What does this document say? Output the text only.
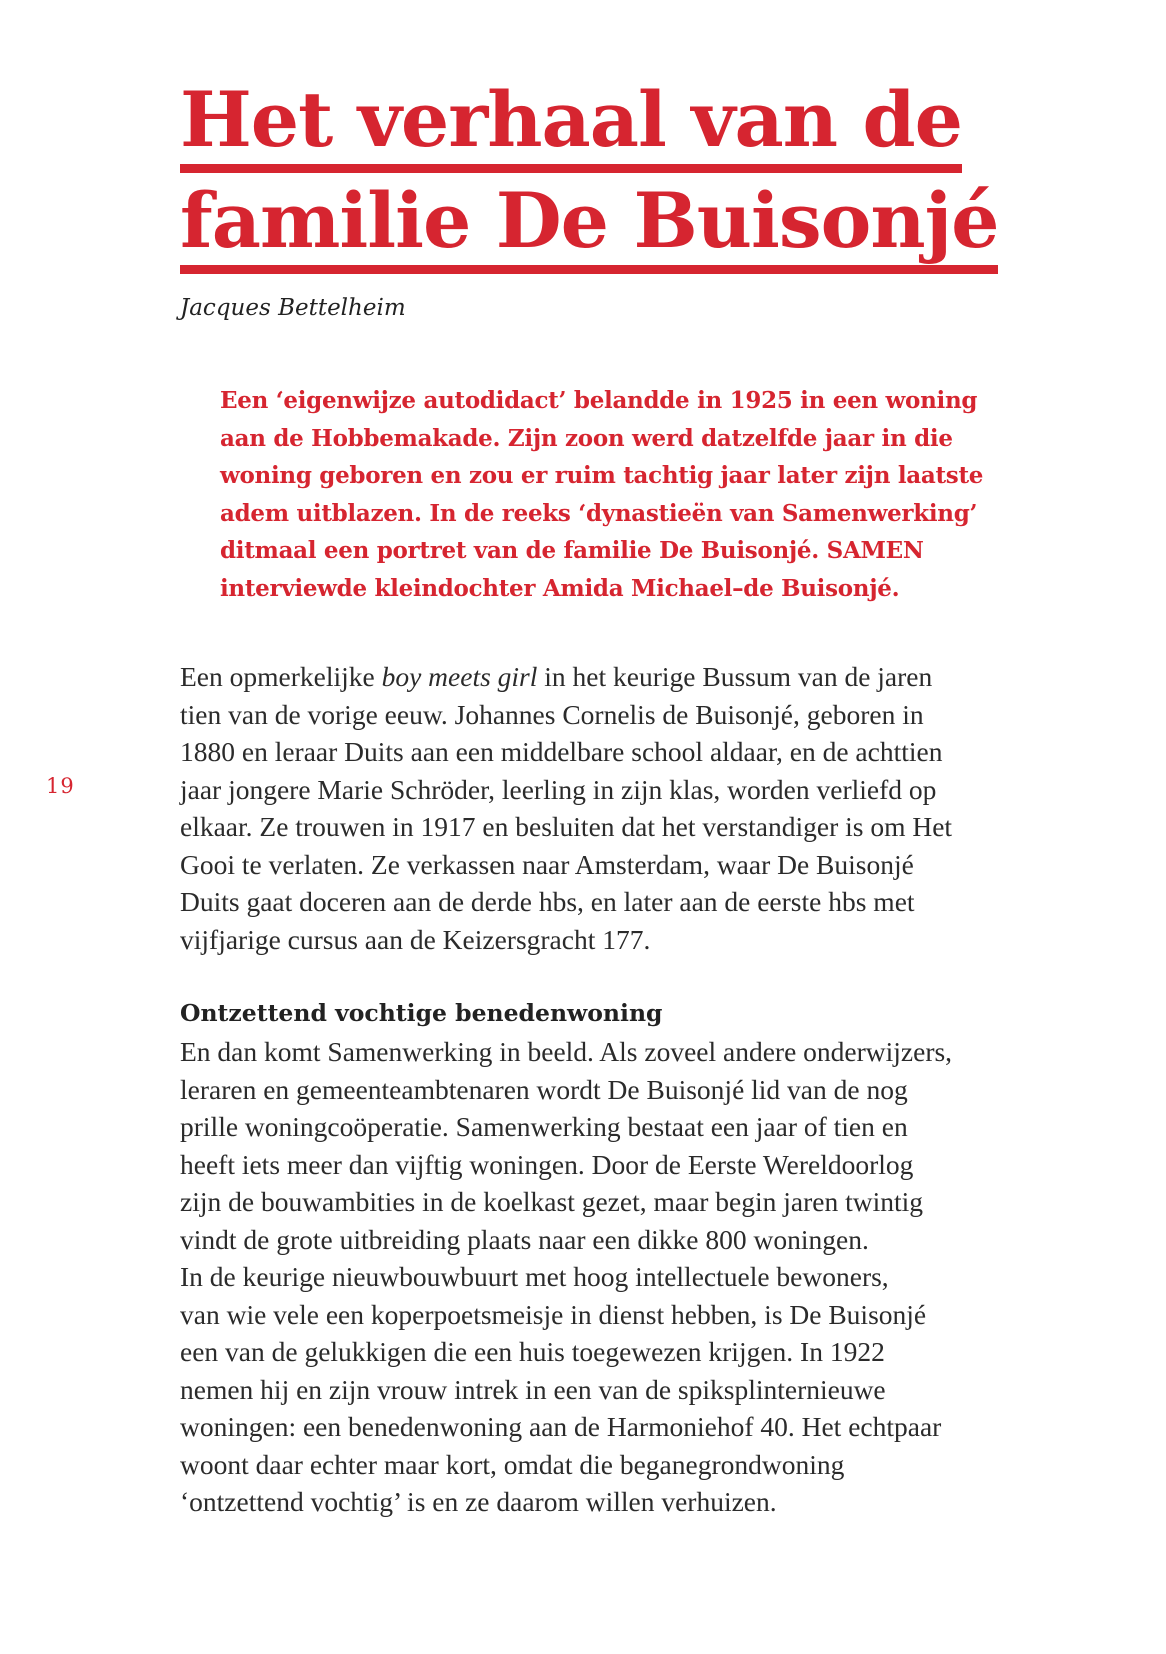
Het verhaal van de
familie De Buisonjé

Jacques Bettelheim

Een ‘eigenwijze autodidact’ belandde in 1925 in een woning
aan de Hobbemakade. Zijn zoon werd datzelfde jaar in die
woning geboren en zou er ruim tachtig jaar later zijn laatste
adem uitblazen. In de reeks ‘dynastieën van Samenwerking’
ditmaal een portret van de familie De Buisonjé. SAMEN
interviewde kleindochter Amida Michael–de Buisonjé.

19

Een opmerkelijke boy meets girl in het keurige Bussum van de jaren
tien van de vorige eeuw. Johannes Cornelis de Buisonjé, geboren in
1880 en leraar Duits aan een middelbare school aldaar, en de achttien
jaar jongere Marie Schröder, leerling in zijn klas, worden verliefd op
elkaar. Ze trouwen in 1917 en besluiten dat het verstandiger is om Het
Gooi te verlaten. Ze verkassen naar Amsterdam, waar De Buisonjé
Duits gaat doceren aan de derde hbs, en later aan de eerste hbs met
vijfjarige cursus aan de Keizersgracht 177.

Ontzettend vochtige benedenwoning

En dan komt Samenwerking in beeld. Als zoveel andere onderwijzers,
leraren en gemeenteambtenaren wordt De Buisonjé lid van de nog
prille woningcoöperatie. Samenwerking bestaat een jaar of tien en
heeft iets meer dan vijftig woningen. Door de Eerste Wereldoorlog
zijn de bouwambities in de koelkast gezet, maar begin jaren twintig
vindt de grote uitbreiding plaats naar een dikke 800 woningen.
In de keurige nieuwbouwbuurt met hoog intellectuele bewoners,
van wie vele een koperpoetsmeisje in dienst hebben, is De Buisonjé
een van de gelukkigen die een huis toegewezen krijgen. In 1922
nemen hij en zijn vrouw intrek in een van de spiksplinternieuwe
woningen: een benedenwoning aan de Harmoniehof 40. Het echtpaar
woont daar echter maar kort, omdat die beganegrondwoning
‘ontzettend vochtig’ is en ze daarom willen verhuizen.
